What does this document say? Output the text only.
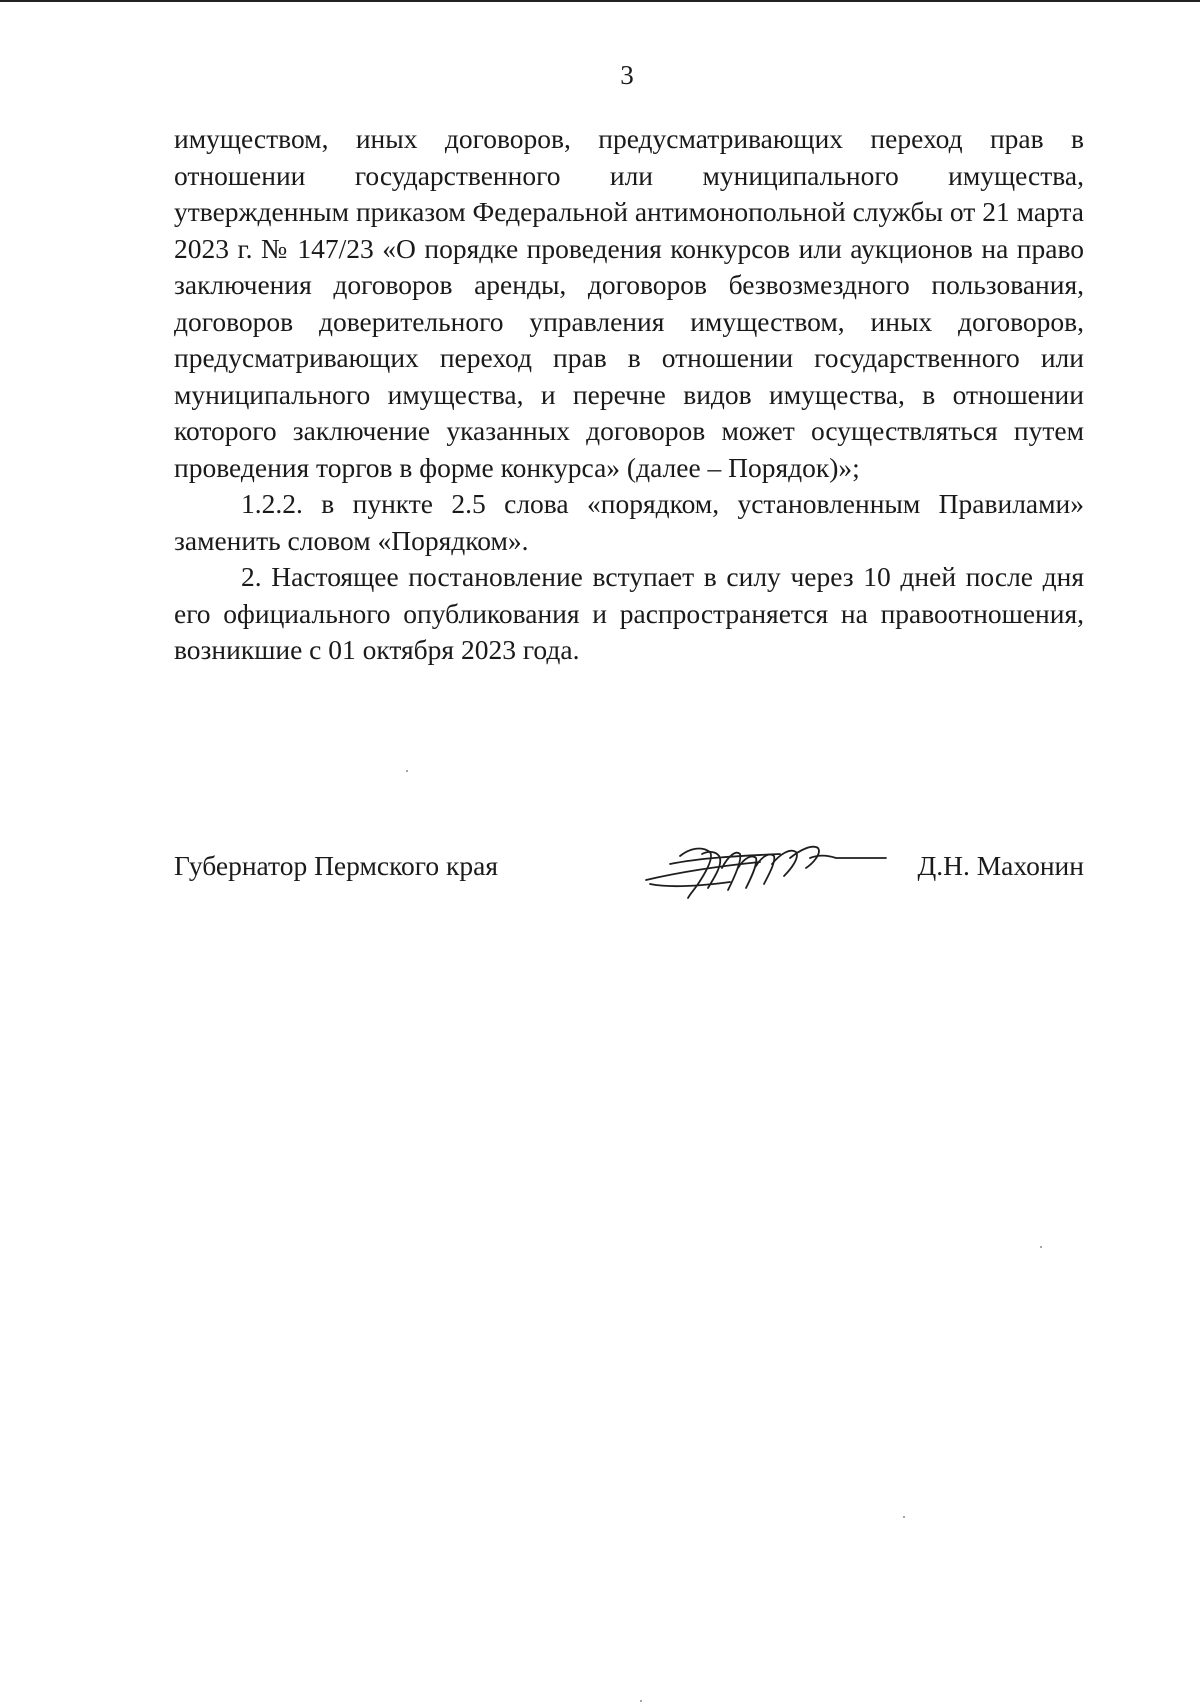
3

имуществом, иных договоров, предусматривающих переход прав в отношении государственного или муниципального имущества, утвержденным приказом Федеральной антимонопольной службы от 21 марта 2023 г. № 147/23 «О порядке проведения конкурсов или аукционов на право заключения договоров аренды, договоров безвозмездного пользования, договоров доверительного управления имуществом, иных договоров, предусматривающих переход прав в отношении государственного или муниципального имущества, и перечне видов имущества, в отношении которого заключение указанных договоров может осуществляться путем проведения торгов в форме конкурса» (далее – Порядок)»;

1.2.2. в пункте 2.5 слова «порядком, установленным Правилами» заменить словом «Порядком».

2. Настоящее постановление вступает в силу через 10 дней после дня его официального опубликования и распространяется на правоотношения, возникшие с 01 октября 2023 года.

Губернатор Пермского края	Д.Н. Махонин
